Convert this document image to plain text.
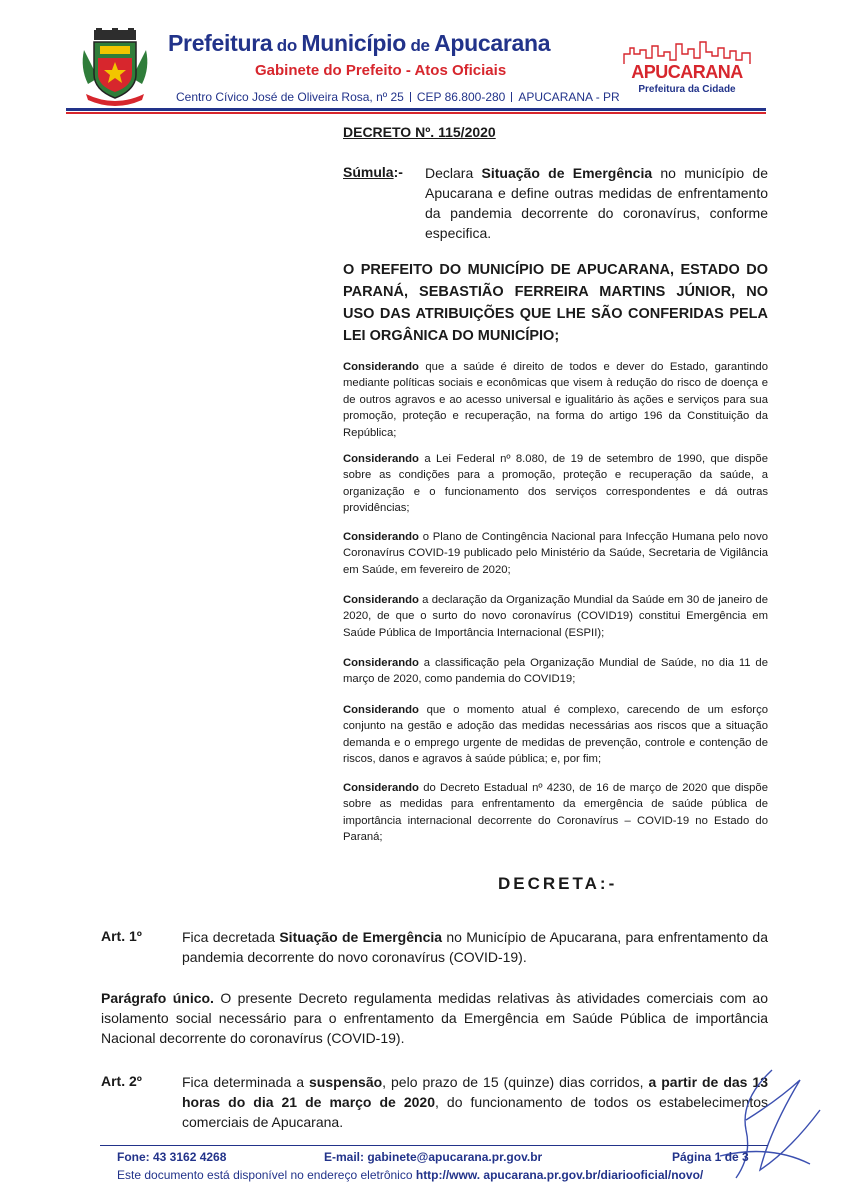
Prefeitura do Município de Apucarana
Gabinete do Prefeito - Atos Oficiais
Centro Cívico José de Oliveira Rosa, nº 25 CEP 86.800-280 APUCARANA - PR
APUCARANA
Prefeitura da Cidade
DECRETO Nº. 115/2020
Súmula:- Declara Situação de Emergência no município de Apucarana e define outras medidas de enfrentamento da pandemia decorrente do coronavírus, conforme especifica.
O PREFEITO DO MUNICÍPIO DE APUCARANA, ESTADO DO PARANÁ, SEBASTIÃO FERREIRA MARTINS JÚNIOR, NO USO DAS ATRIBUIÇÕES QUE LHE SÃO CONFERIDAS PELA LEI ORGÂNICA DO MUNICÍPIO;
Considerando que a saúde é direito de todos e dever do Estado, garantindo mediante políticas sociais e econômicas que visem à redução do risco de doença e de outros agravos e ao acesso universal e igualitário às ações e serviços para sua promoção, proteção e recuperação, na forma do artigo 196 da Constituição da República;
Considerando a Lei Federal nº 8.080, de 19 de setembro de 1990, que dispõe sobre as condições para a promoção, proteção e recuperação da saúde, a organização e o funcionamento dos serviços correspondentes e dá outras providências;
Considerando o Plano de Contingência Nacional para Infecção Humana pelo novo Coronavírus COVID-19 publicado pelo Ministério da Saúde, Secretaria de Vigilância em Saúde, em fevereiro de 2020;
Considerando a declaração da Organização Mundial da Saúde em 30 de janeiro de 2020, de que o surto do novo coronavírus (COVID19) constitui Emergência em Saúde Pública de Importância Internacional (ESPII);
Considerando a classificação pela Organização Mundial de Saúde, no dia 11 de março de 2020, como pandemia do COVID19;
Considerando que o momento atual é complexo, carecendo de um esforço conjunto na gestão e adoção das medidas necessárias aos riscos que a situação demanda e o emprego urgente de medidas de prevenção, controle e contenção de riscos, danos e agravos à saúde pública; e, por fim;
Considerando do Decreto Estadual nº 4230, de 16 de março de 2020 que dispõe sobre as medidas para enfrentamento da emergência de saúde pública de importância internacional decorrente do Coronavírus – COVID-19 no Estado do Paraná;
DECRETA:-
Art. 1º	Fica decretada Situação de Emergência no Município de Apucarana, para enfrentamento da pandemia decorrente do novo coronavírus (COVID-19).
Parágrafo único. O presente Decreto regulamenta medidas relativas às atividades comerciais com ao isolamento social necessário para o enfrentamento da Emergência em Saúde Pública de importância Nacional decorrente do coronavírus (COVID-19).
Art. 2º	Fica determinada a suspensão, pelo prazo de 15 (quinze) dias corridos, a partir de das 13 horas do dia 21 de março de 2020, do funcionamento de todos os estabelecimentos comerciais de Apucarana.
Fone: 43 3162 4268	E-mail: gabinete@apucarana.pr.gov.br	Página 1 de 3
Este documento está disponível no endereço eletrônico http://www. apucarana.pr.gov.br/diariooficial/novo/
